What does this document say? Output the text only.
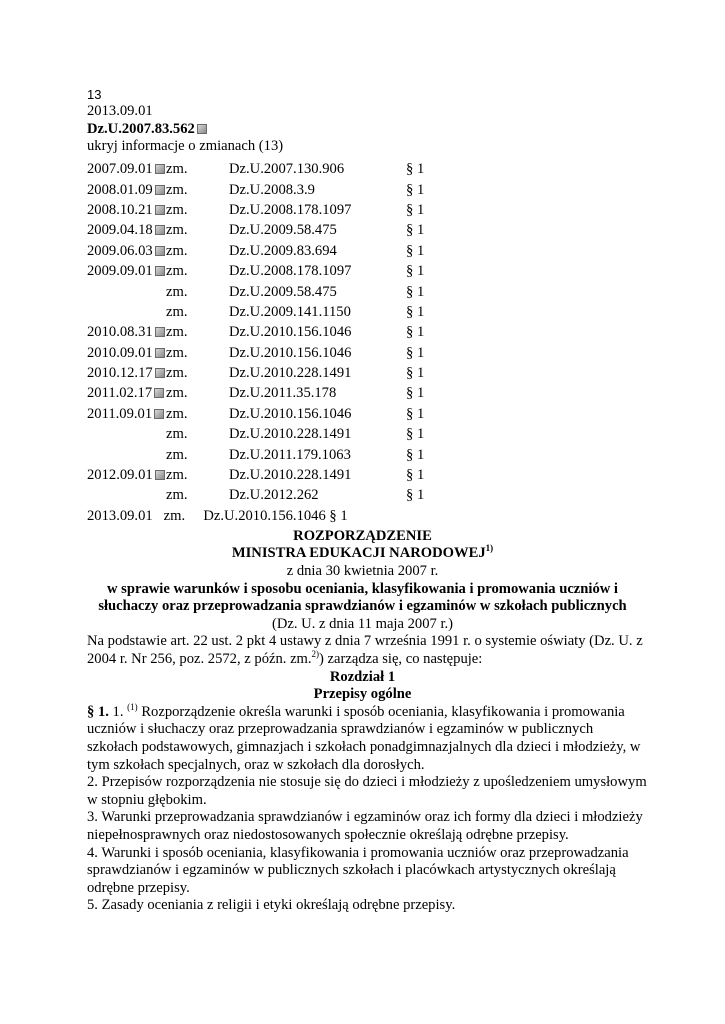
13
2013.09.01
Dz.U.2007.83.562
ukryj informacje o zmianach (13)
2007.09.01 zm.	Dz.U.2007.130.906	§ 1
2008.01.09 zm.	Dz.U.2008.3.9	§ 1
2008.10.21 zm.	Dz.U.2008.178.1097	§ 1
2009.04.18 zm.	Dz.U.2009.58.475	§ 1
2009.06.03 zm.	Dz.U.2009.83.694	§ 1
2009.09.01 zm.	Dz.U.2008.178.1097	§ 1
zm.	Dz.U.2009.58.475	§ 1
zm.	Dz.U.2009.141.1150	§ 1
2010.08.31 zm.	Dz.U.2010.156.1046	§ 1
2010.09.01 zm.	Dz.U.2010.156.1046	§ 1
2010.12.17 zm.	Dz.U.2010.228.1491	§ 1
2011.02.17 zm.	Dz.U.2011.35.178	§ 1
2011.09.01 zm.	Dz.U.2010.156.1046	§ 1
zm.	Dz.U.2010.228.1491	§ 1
zm.	Dz.U.2011.179.1063	§ 1
2012.09.01 zm.	Dz.U.2010.228.1491	§ 1
zm.	Dz.U.2012.262	§ 1
2013.09.01   zm.     Dz.U.2010.156.1046 § 1
ROZPORZĄDZENIE
MINISTRA EDUKACJI NARODOWEJ$^{1)}$
z dnia 30 kwietnia 2007 r.
w sprawie warunków i sposobu oceniania, klasyfikowania i promowania uczniów i
słuchaczy oraz przeprowadzania sprawdzianów i egzaminów w szkołach publicznych
(Dz. U. z dnia 11 maja 2007 r.)

Na podstawie art. 22 ust. 2 pkt 4 ustawy z dnia 7 września 1991 r. o systemie oświaty (Dz. U. z 2004 r. Nr 256, poz. 2572, z późn. zm.$^{2)}$) zarządza się, co następuje:

Rozdział 1
Przepisy ogólne

§ 1. 1. $^{(1)}$ Rozporządzenie określa warunki i sposób oceniania, klasyfikowania i promowania uczniów i słuchaczy oraz przeprowadzania sprawdzianów i egzaminów w publicznych szkołach podstawowych, gimnazjach i szkołach ponadgimnazjalnych dla dzieci i młodzieży, w tym szkołach specjalnych, oraz w szkołach dla dorosłych.

2. Przepisów rozporządzenia nie stosuje się do dzieci i młodzieży z upośledzeniem umysłowym w stopniu głębokim.

3. Warunki przeprowadzania sprawdzianów i egzaminów oraz ich formy dla dzieci i młodzieży niepełnosprawnych oraz niedostosowanych społecznie określają odrębne przepisy.

4. Warunki i sposób oceniania, klasyfikowania i promowania uczniów oraz przeprowadzania sprawdzianów i egzaminów w publicznych szkołach i placówkach artystycznych określają odrębne przepisy.

5. Zasady oceniania z religii i etyki określają odrębne przepisy.
